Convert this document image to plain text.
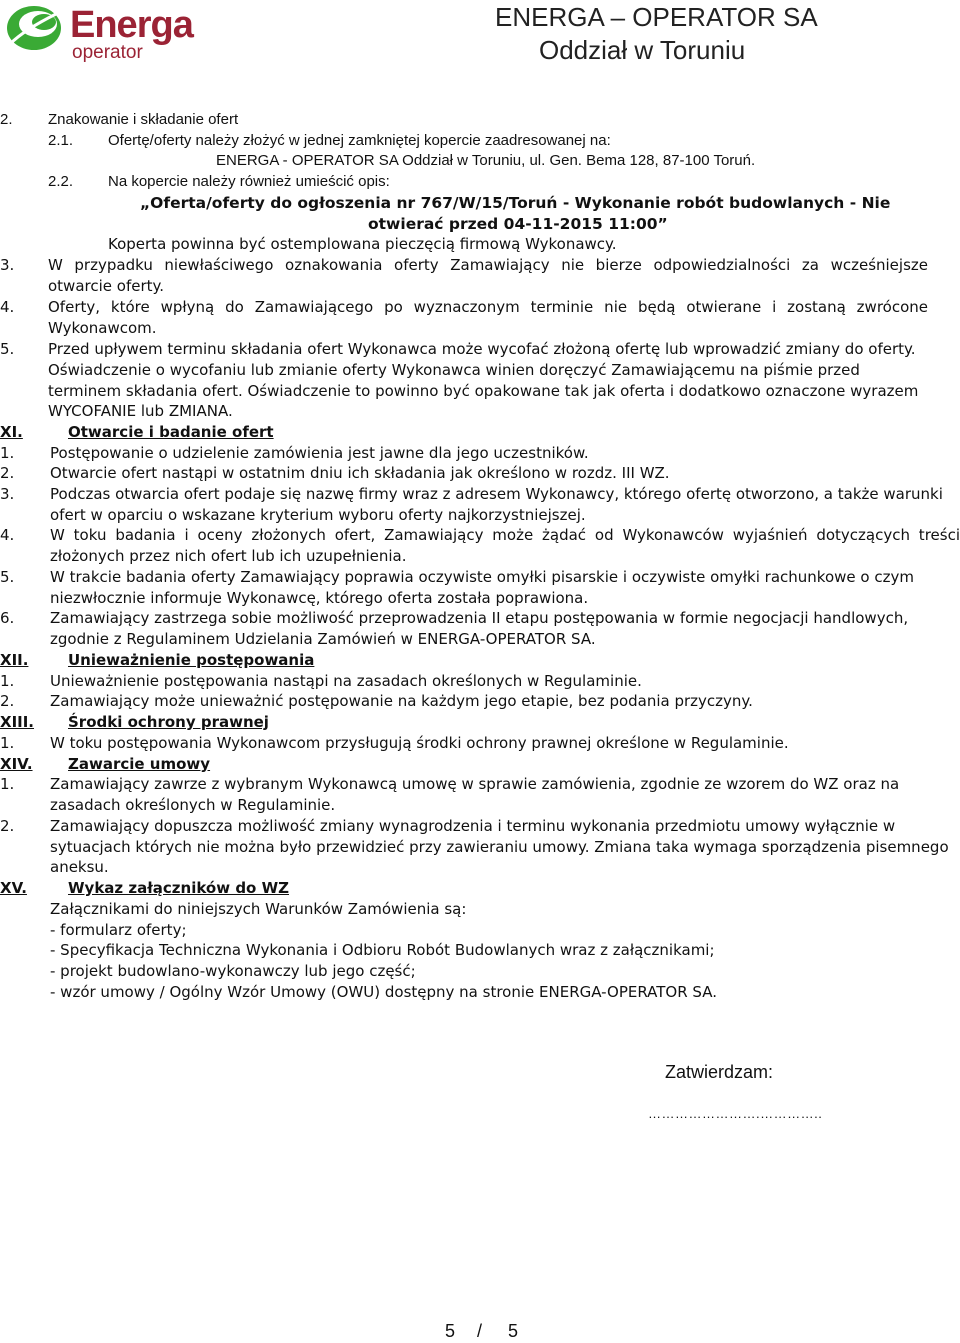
Energa
operator
ENERGA – OPERATOR SA
Oddział w Toruniu
2. Znakowanie i składanie ofert
2.1. Ofertę/oferty należy złożyć w jednej zamkniętej kopercie zaadresowanej na:
ENERGA - OPERATOR SA Oddział w Toruniu, ul. Gen. Bema 128, 87-100 Toruń.
2.2. Na kopercie należy również umieścić opis:
„Oferta/oferty do ogłoszenia nr 767/W/15/Toruń - Wykonanie robót budowlanych - Nie
otwierać przed 04-11-2015 11:00”
Koperta powinna być ostemplowana pieczęcią firmową Wykonawcy.
3. W przypadku niewłaściwego oznakowania oferty Zamawiający nie bierze odpowiedzialności za wcześniejsze
otwarcie oferty.
4. Oferty, które wpłyną do Zamawiającego po wyznaczonym terminie nie będą otwierane i zostaną zwrócone
Wykonawcom.
5. Przed upływem terminu składania ofert Wykonawca może wycofać złożoną ofertę lub wprowadzić zmiany do oferty.
Oświadczenie o wycofaniu lub zmianie oferty Wykonawca winien doręczyć Zamawiającemu na piśmie przed
terminem składania ofert. Oświadczenie to powinno być opakowane tak jak oferta i dodatkowo oznaczone wyrazem
WYCOFANIE lub ZMIANA.
XI.	Otwarcie i badanie ofert
1. Postępowanie o udzielenie zamówienia jest jawne dla jego uczestników.
2. Otwarcie ofert nastąpi w ostatnim dniu ich składania jak określono w rozdz. III WZ.
3. Podczas otwarcia ofert podaje się nazwę firmy wraz z adresem Wykonawcy, którego ofertę otworzono, a także warunki
ofert w oparciu o wskazane kryterium wyboru oferty najkorzystniejszej.
4. W toku badania i oceny złożonych ofert, Zamawiający może żądać od Wykonawców wyjaśnień dotyczących treści
złożonych przez nich ofert lub ich uzupełnienia.
5. W trakcie badania oferty Zamawiający poprawia oczywiste omyłki pisarskie i oczywiste omyłki rachunkowe o czym
niezwłocznie informuje Wykonawcę, którego oferta została poprawiona.
6. Zamawiający zastrzega sobie możliwość przeprowadzenia II etapu postępowania w formie negocjacji handlowych,
zgodnie z Regulaminem Udzielania Zamówień w ENERGA-OPERATOR SA.
XII.	Unieważnienie postępowania
1. Unieważnienie postępowania nastąpi na zasadach określonych w Regulaminie.
2. Zamawiający może unieważnić postępowanie na każdym jego etapie, bez podania przyczyny.
XIII. Środki ochrony prawnej
1. W toku postępowania Wykonawcom przysługują środki ochrony prawnej określone w Regulaminie.
XIV. Zawarcie umowy
1. Zamawiający zawrze z wybranym Wykonawcą umowę w sprawie zamówienia, zgodnie ze wzorem do WZ oraz na
zasadach określonych w Regulaminie.
2. Zamawiający dopuszcza możliwość zmiany wynagrodzenia i terminu wykonania przedmiotu umowy wyłącznie w
sytuacjach których nie można było przewidzieć przy zawieraniu umowy. Zmiana taka wymaga sporządzenia pisemnego
aneksu.
XV.	Wykaz załączników do WZ
Załącznikami do niniejszych Warunków Zamówienia są:
- formularz oferty;
- Specyfikacja Techniczna Wykonania i Odbioru Robót Budowlanych wraz z załącznikami;
- projekt budowlano-wykonawczy lub jego część;
- wzór umowy / Ogólny Wzór Umowy (OWU) dostępny na stronie ENERGA-OPERATOR SA.
Zatwierdzam:
…………………….…………..
5 / 5
